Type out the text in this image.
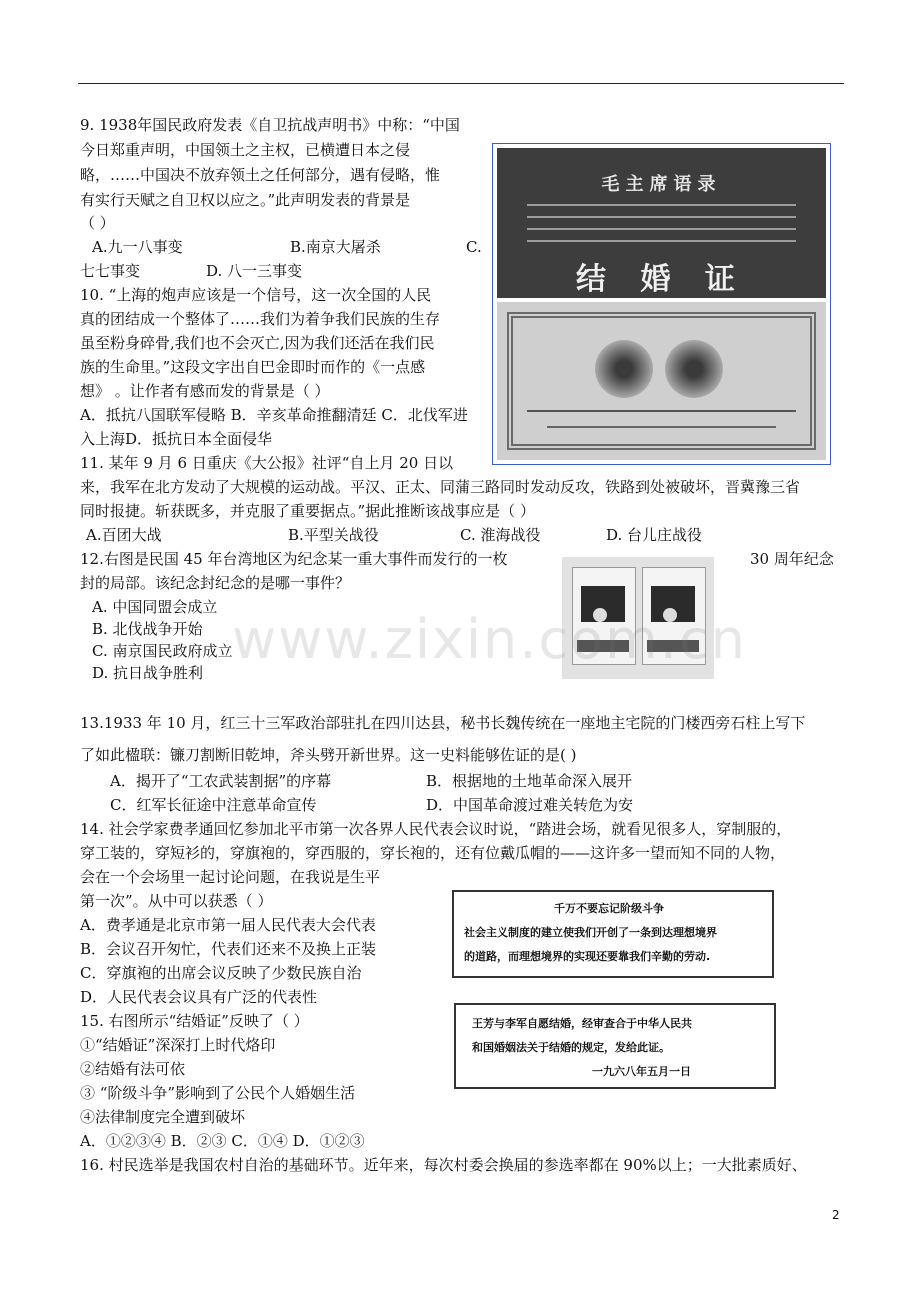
9. 1938年国民政府发表《自卫抗战声明书》中称：“中国
今日郑重声明，中国领土之主权，已横遭日本之侵
略，……中国决不放弃领土之任何部分，遇有侵略，惟
有实行天赋之自卫权以应之。”此声明发表的背景是
（ ）
A.九一八事变	B.南京大屠杀	C.
七七事变	D. 八一三事变
10. “上海的炮声应该是一个信号，这一次全国的人民
真的团结成一个整体了……我们为着争我们民族的生存
虽至粉身碎骨,我们也不会灭亡,因为我们还活在我们民
族的生命里。”这段文字出自巴金即时而作的《一点感
想》 。让作者有感而发的背景是（ ）
A．抵抗八国联军侵略 B．辛亥革命推翻清廷 C．北伐军进
入上海D．抵抗日本全面侵华
毛主席语录
结 婚 证
11. 某年 9 月 6 日重庆《大公报》社评“自上月 20 日以
来，我军在北方发动了大规模的运动战。平汉、正太、同蒲三路同时发动反攻，铁路到处被破坏，晋冀豫三省
同时报捷。斩获既多，并克服了重要据点。”据此推断该战事应是（ ）
A.百团大战	B.平型关战役	C. 淮海战役	D. 台儿庄战役
12.右图是民国 45 年台湾地区为纪念某一重大事件而发行的一枚	30 周年纪念
封的局部。该纪念封纪念的是哪一事件？
A. 中国同盟会成立
B. 北伐战争开始
C. 南京国民政府成立
D. 抗日战争胜利
www.zixin.com.cn
13.1933 年 10 月，红三十三军政治部驻扎在四川达县，秘书长魏传统在一座地主宅院的门楼西旁石柱上写下
了如此楹联：镰刀割断旧乾坤，斧头劈开新世界。这一史料能够佐证的是( )
A．揭开了“工农武装割据”的序幕	B．根据地的土地革命深入展开
C．红军长征途中注意革命宣传	D．中国革命渡过难关转危为安
14. 社会学家费孝通回忆参加北平市第一次各界人民代表会议时说，“踏进会场，就看见很多人，穿制服的，
穿工装的，穿短衫的，穿旗袍的，穿西服的，穿长袍的，还有位戴瓜帽的——这许多一望而知不同的人物，
会在一个会场里一起讨论问题，在我说是生平
第一次”。从中可以获悉（ ）
A．费孝通是北京市第一届人民代表大会代表
B．会议召开匆忙，代表们还来不及换上正装
C．穿旗袍的出席会议反映了少数民族自治
D．人民代表会议具有广泛的代表性
千万不要忘记阶级斗争
社会主义制度的建立使我们开创了一条到达理想境界
的道路，而理想境界的实现还要靠我们辛勤的劳动.
15. 右图所示“结婚证”反映了（ ）
①“结婚证”深深打上时代烙印
②结婚有法可依
③ “阶级斗争”影响到了公民个人婚姻生活
④法律制度完全遭到破坏
A．①②③④ B．②③ C．①④ D．①②③
王芳与李军自愿结婚，经审查合于中华人民共
和国婚姻法关于结婚的规定，发给此证。
一九六八年五月一日
16. 村民选举是我国农村自治的基础环节。近年来，每次村委会换届的参选率都在 90%以上；一大批素质好、
2
